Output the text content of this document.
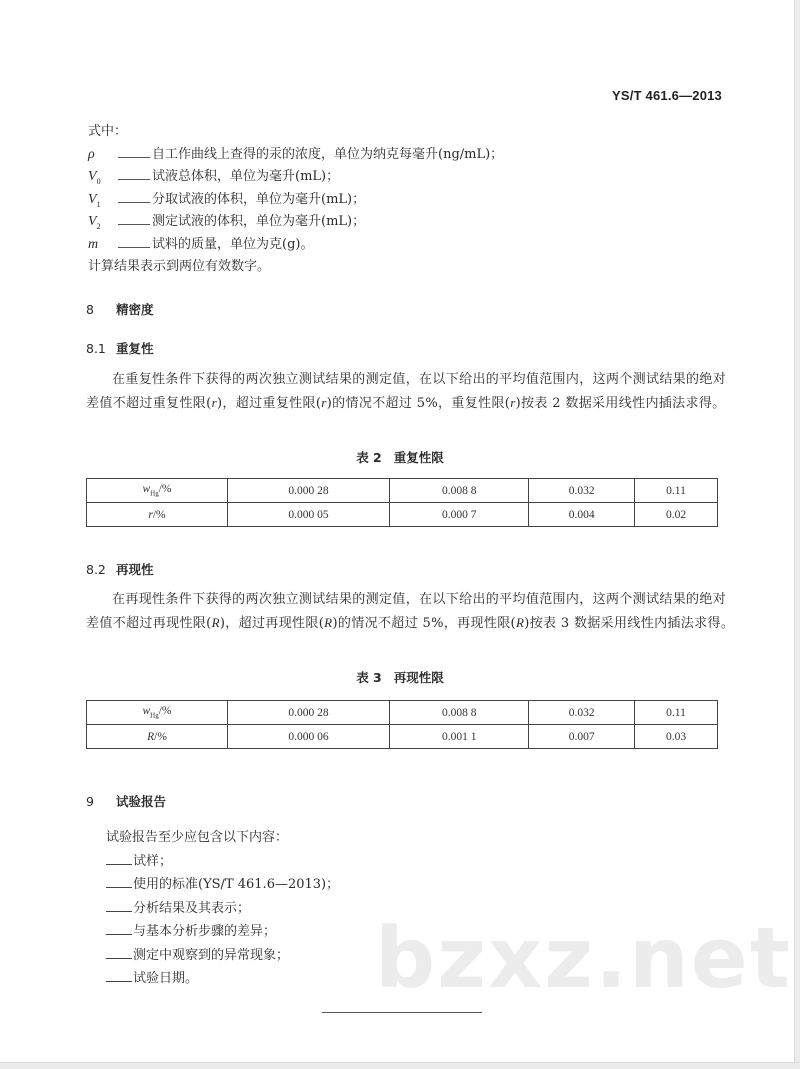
YS/T 461.6—2013
式中：
ρ	自工作曲线上查得的汞的浓度，单位为纳克每毫升(ng/mL)；
$V_0$	试液总体积，单位为毫升(mL)；
$V_1$	分取试液的体积，单位为毫升(mL)；
$V_2$	测定试液的体积，单位为毫升(mL)；
m	试料的质量，单位为克(g)。
计算结果表示到两位有效数字。
8 精密度
8.1 重复性
在重复性条件下获得的两次独立测试结果的测定值，在以下给出的平均值范围内，这两个测试结果的绝对差值不超过重复性限(r)，超过重复性限(r)的情况不超过 5%，重复性限(r)按表 2 数据采用线性内插法求得。
表 2 重复性限
$w_{Hg}/\%$	0.000 28	0.008 8	0.032	0.11
r/%	0.000 05	0.000 7	0.004	0.02
8.2 再现性
在再现性条件下获得的两次独立测试结果的测定值，在以下给出的平均值范围内，这两个测试结果的绝对差值不超过再现性限(R)，超过再现性限(R)的情况不超过 5%，再现性限(R)按表 3 数据采用线性内插法求得。
表 3 再现性限
$w_{Hg}/\%$	0.000 28	0.008 8	0.032	0.11
R/%	0.000 06	0.001 1	0.007	0.03
9 试验报告
试验报告至少应包含以下内容：
试样；
使用的标准(YS/T 461.6—2013)；
分析结果及其表示；
与基本分析步骤的差异；
测定中观察到的异常现象；
试验日期。 bzxz.net
